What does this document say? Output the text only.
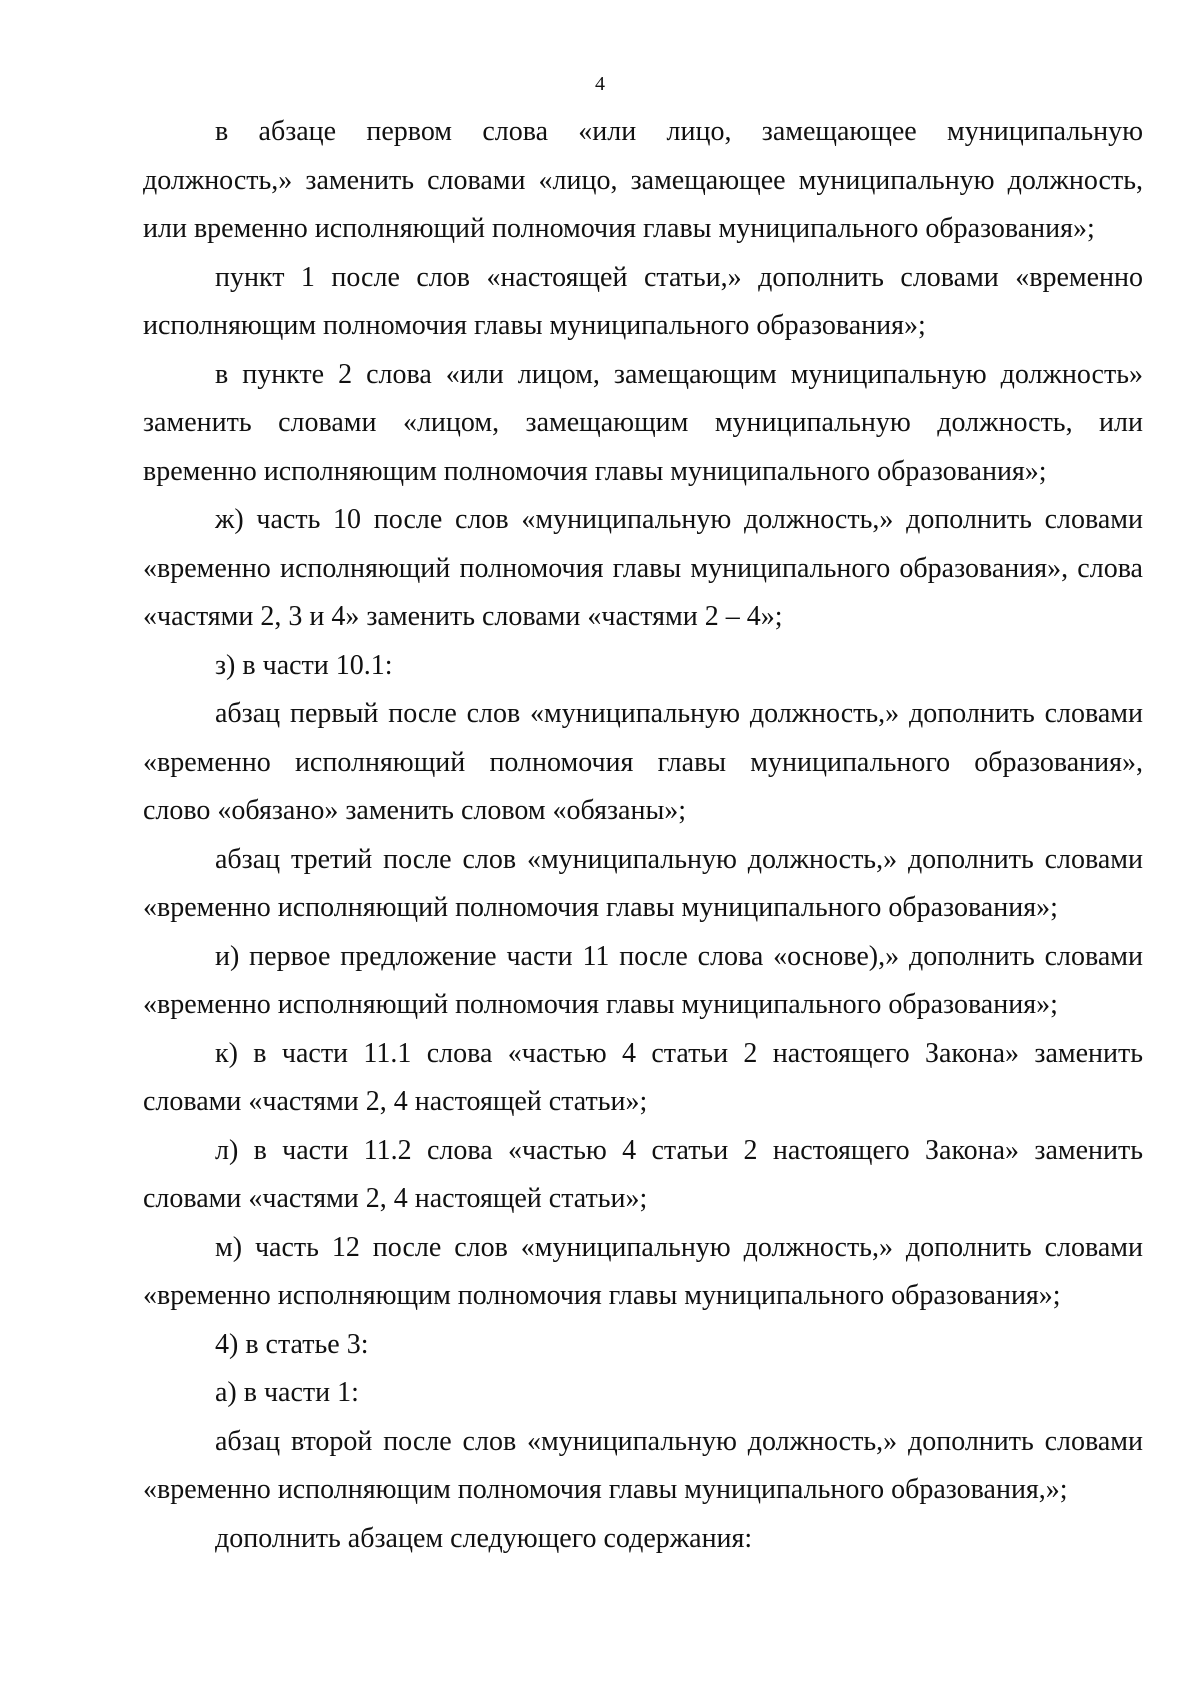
4
в абзаце первом слова «или лицо, замещающее муниципальную
должность,» заменить словами «лицо, замещающее муниципальную должность,
или временно исполняющий полномочия главы муниципального образования»;
пункт 1 после слов «настоящей статьи,» дополнить словами «временно
исполняющим полномочия главы муниципального образования»;
в пункте 2 слова «или лицом, замещающим муниципальную должность»
заменить словами «лицом, замещающим муниципальную должность, или
временно исполняющим полномочия главы муниципального образования»;
ж) часть 10 после слов «муниципальную должность,» дополнить словами
«временно исполняющий полномочия главы муниципального образования», слова
«частями 2, 3 и 4» заменить словами «частями 2 – 4»;
з) в части 10.1:
абзац первый после слов «муниципальную должность,» дополнить словами
«временно исполняющий полномочия главы муниципального образования»,
слово «обязано» заменить словом «обязаны»;
абзац третий после слов «муниципальную должность,» дополнить словами
«временно исполняющий полномочия главы муниципального образования»;
и) первое предложение части 11 после слова «основе),» дополнить словами
«временно исполняющий полномочия главы муниципального образования»;
к) в части 11.1 слова «частью 4 статьи 2 настоящего Закона» заменить
словами «частями 2, 4 настоящей статьи»;
л) в части 11.2 слова «частью 4 статьи 2 настоящего Закона» заменить
словами «частями 2, 4 настоящей статьи»;
м) часть 12 после слов «муниципальную должность,» дополнить словами
«временно исполняющим полномочия главы муниципального образования»;
4) в статье 3:
а) в части 1:
абзац второй после слов «муниципальную должность,» дополнить словами
«временно исполняющим полномочия главы муниципального образования,»;
дополнить абзацем следующего содержания:
